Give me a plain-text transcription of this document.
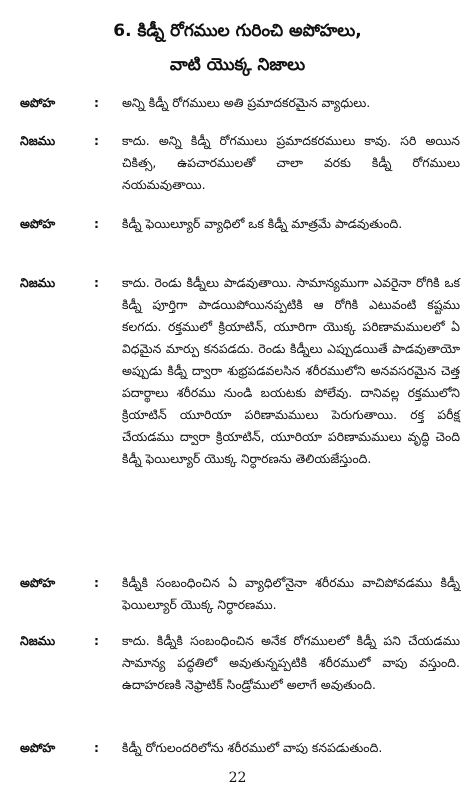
6. కిడ్నీ రోగముల గురించి అపోహలు,
వాటి యొక్క నిజాలు
అపోహ	: అన్ని కిడ్నీ రోగములు అతి ప్రమాదకరమైన వ్యాధులు.
నిజము	: కాదు. అన్ని కిడ్నీ రోగములు ప్రమాదకరములు కావు. సరి అయిన చికిత్స, ఉపచారములతో చాలా వరకు కిడ్నీ రోగములు నయమవుతాయి.
అపోహ	: కిడ్నీ ఫెయిల్యూర్ వ్యాధిలో ఒక కిడ్నీ మాత్రమే పాడవుతుంది.
నిజము	: కాదు. రెండు కిడ్నీలు పాడవుతాయి. సామాన్యముగా ఎవరైనా రోగికి ఒక కిడ్నీ పూర్తిగా పాడయిపోయినప్పటికి ఆ రోగికి ఎటువంటి కష్టము కలగదు. రక్తములో క్రియాటిన్, యూరిగా యొక్క పరిణామములలో ఏ విధమైన మార్పు కనపడదు. రెండు కిడ్నీలు ఎప్పుడయితే పాడవుతాయో అప్పుడు కిడ్నీ ద్వారా శుభ్రపడవలసిన శరీరములోని అనవసరమైన చెత్త పదార్థాలు శరీరము నుండి బయటకు పోలేవు. దానివల్ల రక్తములోని క్రియాటిన్ యూరియా పరిణామములు పెరుగుతాయి. రక్త పరీక్ష చేయడము ద్వారా క్రియాటిన్, యూరియా పరిణామములు వృద్ధి చెంది కిడ్నీ ఫెయిల్యూర్ యొక్క నిర్ధారణను తెలియజేస్తుంది.
అపోహ	: కిడ్నీకి సంబంధించిన ఏ వ్యాధిలోనైనా శరీరము వాచిపోవడము కిడ్నీ ఫెయిల్యూర్ యొక్క నిర్ధారణము.
నిజము	: కాదు. కిడ్నీకి సంబంధించిన అనేక రోగములలో కిడ్నీ పని చేయడము సామాన్య పద్ధతిలో అవుతున్నప్పటికి శరీరములో వాపు వస్తుంది. ఉదాహరణకి నెఫ్రాటిక్ సిండ్రోములో అలాగే అవుతుంది.
అపోహ	: కిడ్నీ రోగులందరిలోను శరీరములో వాపు కనపడుతుంది.
22
